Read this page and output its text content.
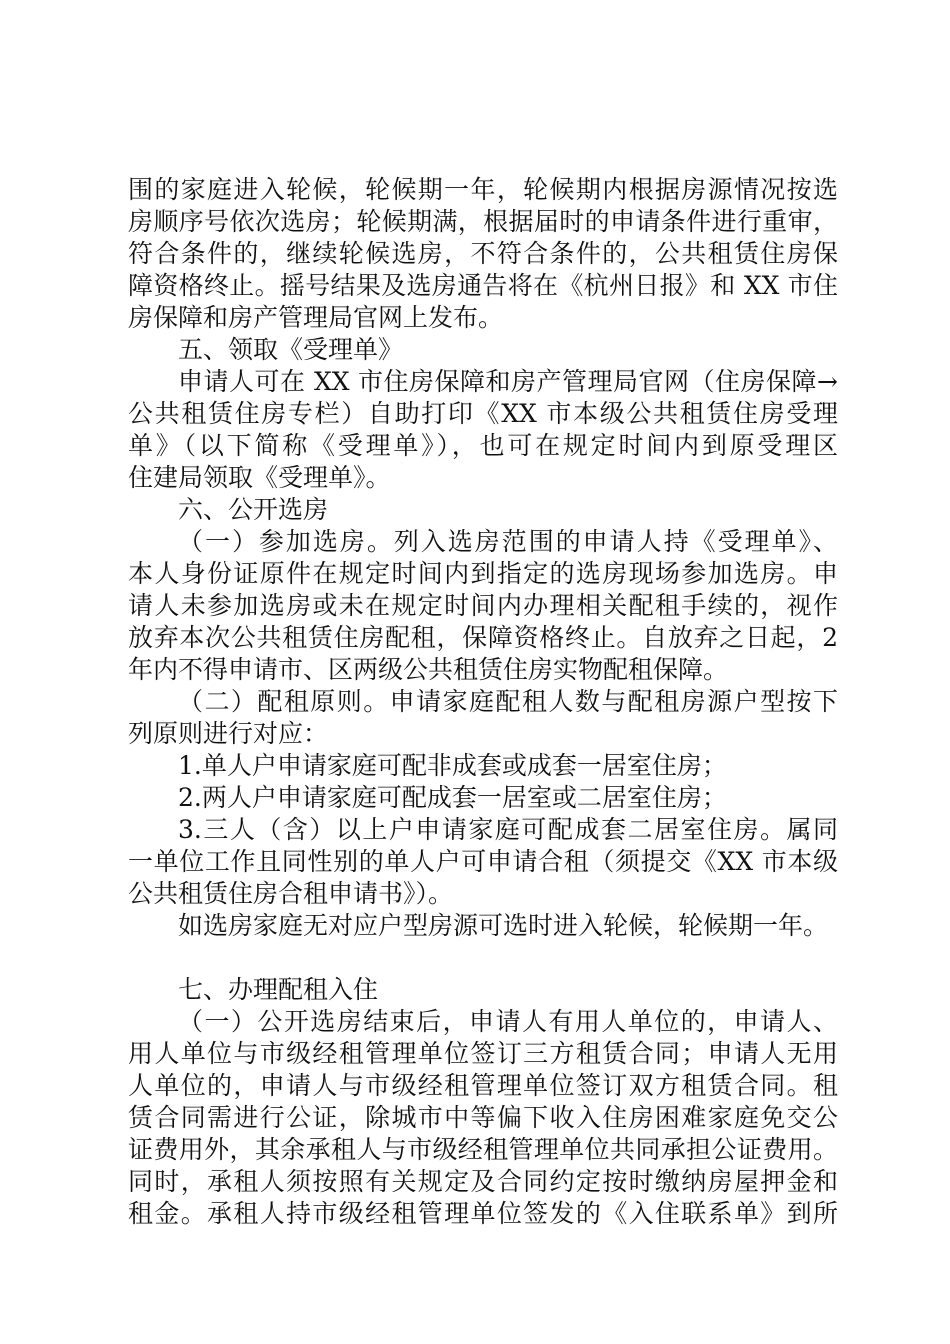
围的家庭进入轮候，轮候期一年，轮候期内根据房源情况按选
房顺序号依次选房；轮候期满，根据届时的申请条件进行重审，
符合条件的，继续轮候选房，不符合条件的，公共租赁住房保
障资格终止。摇号结果及选房通告将在《杭州日报》和 XX 市住
房保障和房产管理局官网上发布。
五、领取《受理单》
申请人可在 XX 市住房保障和房产管理局官网（住房保障→
公共租赁住房专栏）自助打印《XX 市本级公共租赁住房受理
单》（以下简称《受理单》），也可在规定时间内到原受理区
住建局领取《受理单》。
六、公开选房
（一）参加选房。列入选房范围的申请人持《受理单》、
本人身份证原件在规定时间内到指定的选房现场参加选房。申
请人未参加选房或未在规定时间内办理相关配租手续的，视作
放弃本次公共租赁住房配租，保障资格终止。自放弃之日起，2
年内不得申请市、区两级公共租赁住房实物配租保障。
（二）配租原则。申请家庭配租人数与配租房源户型按下
列原则进行对应：
1.单人户申请家庭可配非成套或成套一居室住房；
2.两人户申请家庭可配成套一居室或二居室住房；
3.三人（含）以上户申请家庭可配成套二居室住房。属同
一单位工作且同性别的单人户可申请合租（须提交《XX 市本级
公共租赁住房合租申请书》）。
如选房家庭无对应户型房源可选时进入轮候，轮候期一年。
七、办理配租入住
（一）公开选房结束后，申请人有用人单位的，申请人、
用人单位与市级经租管理单位签订三方租赁合同；申请人无用
人单位的，申请人与市级经租管理单位签订双方租赁合同。租
赁合同需进行公证，除城市中等偏下收入住房困难家庭免交公
证费用外，其余承租人与市级经租管理单位共同承担公证费用。
同时，承租人须按照有关规定及合同约定按时缴纳房屋押金和
租金。承租人持市级经租管理单位签发的《入住联系单》到所
